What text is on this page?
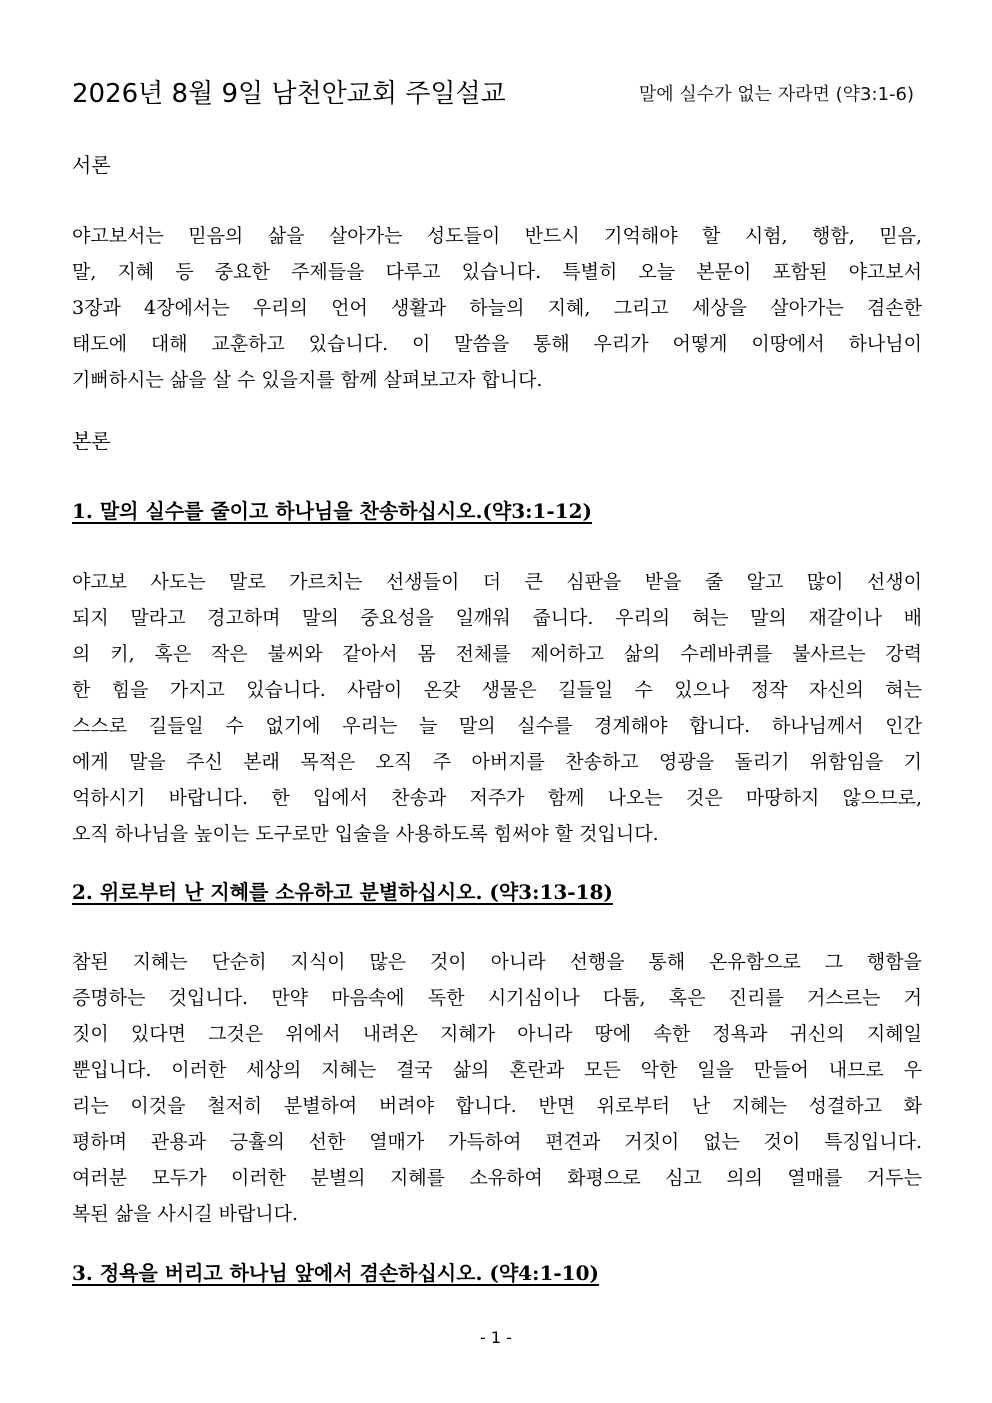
2026년 8월 9일 남천안교회 주일설교	말에 실수가 없는 자라면 (약3:1-6)
서론
야고보서는 믿음의 삶을 살아가는 성도들이 반드시 기억해야 할 시험, 행함, 믿음,
말, 지혜 등 중요한 주제들을 다루고 있습니다. 특별히 오늘 본문이 포함된 야고보서
3장과 4장에서는 우리의 언어 생활과 하늘의 지혜, 그리고 세상을 살아가는 겸손한
태도에 대해 교훈하고 있습니다. 이 말씀을 통해 우리가 어떻게 이땅에서 하나님이
기뻐하시는 삶을 살 수 있을지를 함께 살펴보고자 합니다.
본론
1. 말의 실수를 줄이고 하나님을 찬송하십시오.(약3:1-12)
야고보 사도는 말로 가르치는 선생들이 더 큰 심판을 받을 줄 알고 많이 선생이
되지 말라고 경고하며 말의 중요성을 일깨워 줍니다. 우리의 혀는 말의 재갈이나 배
의 키, 혹은 작은 불씨와 같아서 몸 전체를 제어하고 삶의 수레바퀴를 불사르는 강력
한 힘을 가지고 있습니다. 사람이 온갖 생물은 길들일 수 있으나 정작 자신의 혀는
스스로 길들일 수 없기에 우리는 늘 말의 실수를 경계해야 합니다. 하나님께서 인간
에게 말을 주신 본래 목적은 오직 주 아버지를 찬송하고 영광을 돌리기 위함임을 기
억하시기 바랍니다. 한 입에서 찬송과 저주가 함께 나오는 것은 마땅하지 않으므로,
오직 하나님을 높이는 도구로만 입술을 사용하도록 힘써야 할 것입니다.
2. 위로부터 난 지혜를 소유하고 분별하십시오. (약3:13-18)
참된 지혜는 단순히 지식이 많은 것이 아니라 선행을 통해 온유함으로 그 행함을
증명하는 것입니다. 만약 마음속에 독한 시기심이나 다툼, 혹은 진리를 거스르는 거
짓이 있다면 그것은 위에서 내려온 지혜가 아니라 땅에 속한 정욕과 귀신의 지혜일
뿐입니다. 이러한 세상의 지혜는 결국 삶의 혼란과 모든 악한 일을 만들어 내므로 우
리는 이것을 철저히 분별하여 버려야 합니다. 반면 위로부터 난 지혜는 성결하고 화
평하며 관용과 긍휼의 선한 열매가 가득하여 편견과 거짓이 없는 것이 특징입니다.
여러분 모두가 이러한 분별의 지혜를 소유하여 화평으로 심고 의의 열매를 거두는
복된 삶을 사시길 바랍니다.
3. 정욕을 버리고 하나님 앞에서 겸손하십시오. (약4:1-10)
- 1 -
